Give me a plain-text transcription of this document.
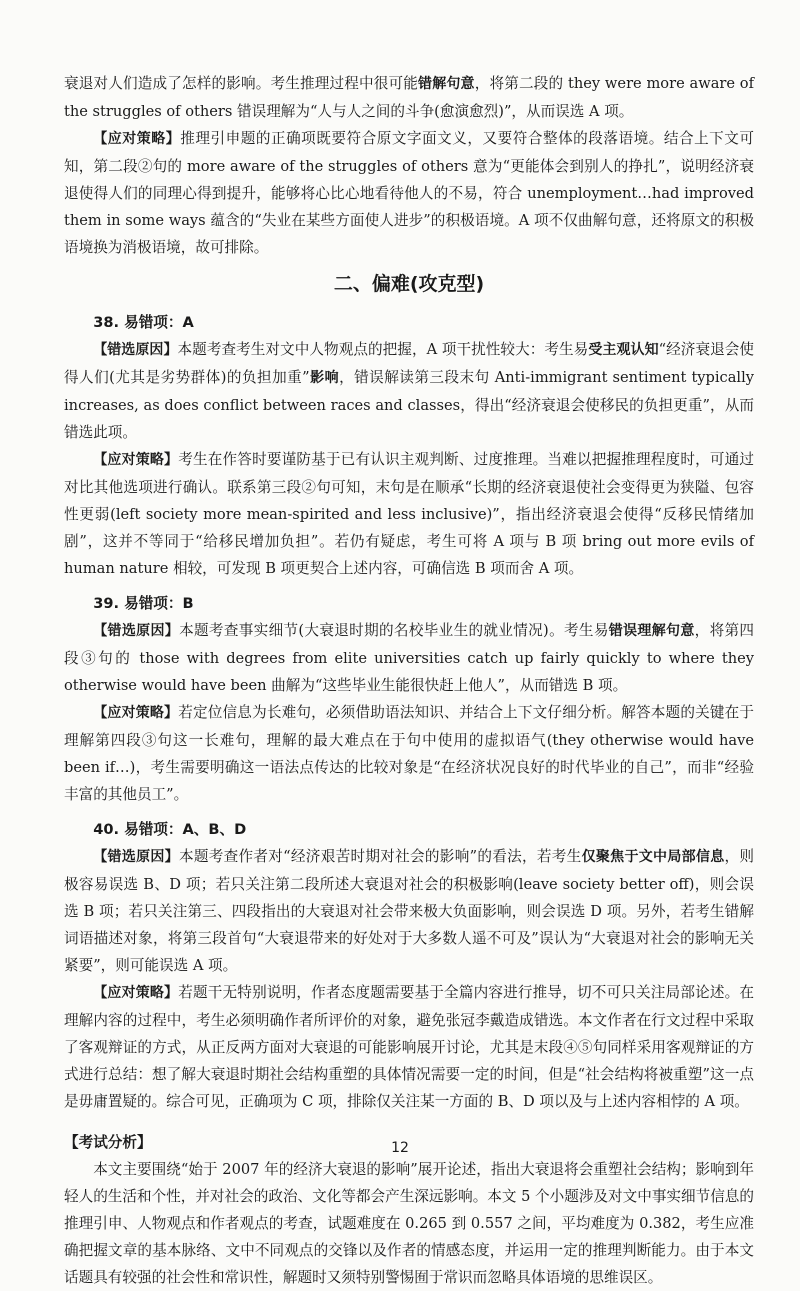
衰退对人们造成了怎样的影响。考生推理过程中很可能错解句意，将第二段的 they were more aware of the struggles of others 错误理解为“人与人之间的斗争(愈演愈烈)”，从而误选 A 项。

【应对策略】推理引申题的正确项既要符合原文字面文义，又要符合整体的段落语境。结合上下文可知，第二段②句的 more aware of the struggles of others 意为“更能体会到别人的挣扎”，说明经济衰退使得人们的同理心得到提升，能够将心比心地看待他人的不易，符合 unemployment…had improved them in some ways 蕴含的“失业在某些方面使人进步”的积极语境。A 项不仅曲解句意，还将原文的积极语境换为消极语境，故可排除。

二、偏难(攻克型)
38. 易错项：A

【错选原因】本题考查考生对文中人物观点的把握，A 项干扰性较大：考生易受主观认知“经济衰退会使得人们(尤其是劣势群体)的负担加重”影响，错误解读第三段末句 Anti-immigrant sentiment typically increases, as does conflict between races and classes，得出“经济衰退会使移民的负担更重”，从而错选此项。

【应对策略】考生在作答时要谨防基于已有认识主观判断、过度推理。当难以把握推理程度时，可通过对比其他选项进行确认。联系第三段②句可知，末句是在顺承“长期的经济衰退使社会变得更为狭隘、包容性更弱(left society more mean-spirited and less inclusive)”，指出经济衰退会使得“反移民情绪加剧”，这并不等同于“给移民增加负担”。若仍有疑虑，考生可将 A 项与 B 项 bring out more evils of human nature 相较，可发现 B 项更契合上述内容，可确信选 B 项而舍 A 项。

39. 易错项：B

【错选原因】本题考查事实细节(大衰退时期的名校毕业生的就业情况)。考生易错误理解句意，将第四段③句的 those with degrees from elite universities catch up fairly quickly to where they otherwise would have been 曲解为“这些毕业生能很快赶上他人”，从而错选 B 项。

【应对策略】若定位信息为长难句，必须借助语法知识、并结合上下文仔细分析。解答本题的关键在于理解第四段③句这一长难句，理解的最大难点在于句中使用的虚拟语气(they otherwise would have been if…)，考生需要明确这一语法点传达的比较对象是“在经济状况良好的时代毕业的自己”，而非“经验丰富的其他员工”。

40. 易错项：A、B、D

【错选原因】本题考查作者对“经济艰苦时期对社会的影响”的看法，若考生仅聚焦于文中局部信息，则极容易误选 B、D 项；若只关注第二段所述大衰退对社会的积极影响(leave society better off)，则会误选 B 项；若只关注第三、四段指出的大衰退对社会带来极大负面影响，则会误选 D 项。另外，若考生错解词语描述对象，将第三段首句“大衰退带来的好处对于大多数人遥不可及”误认为“大衰退对社会的影响无关紧要”，则可能误选 A 项。

【应对策略】若题干无特别说明，作者态度题需要基于全篇内容进行推导，切不可只关注局部论述。在理解内容的过程中，考生必须明确作者所评价的对象，避免张冠李戴造成错选。本文作者在行文过程中采取了客观辩证的方式，从正反两方面对大衰退的可能影响展开讨论，尤其是末段④⑤句同样采用客观辩证的方式进行总结：想了解大衰退时期社会结构重塑的具体情况需要一定的时间，但是“社会结构将被重塑”这一点是毋庸置疑的。综合可见，正确项为 C 项，排除仅关注某一方面的 B、D 项以及与上述内容相悖的 A 项。

【考试分析】

本文主要围绕“始于 2007 年的经济大衰退的影响”展开论述，指出大衰退将会重塑社会结构；影响到年轻人的生活和个性，并对社会的政治、文化等都会产生深远影响。本文 5 个小题涉及对文中事实细节信息的推理引申、人物观点和作者观点的考查，试题难度在 0.265 到 0.557 之间，平均难度为 0.382，考生应准确把握文章的基本脉络、文中不同观点的交锋以及作者的情感态度，并运用一定的推理判断能力。由于本文话题具有较强的社会性和常识性，解题时又须特别警惕囿于常识而忽略具体语境的思维误区。

12
